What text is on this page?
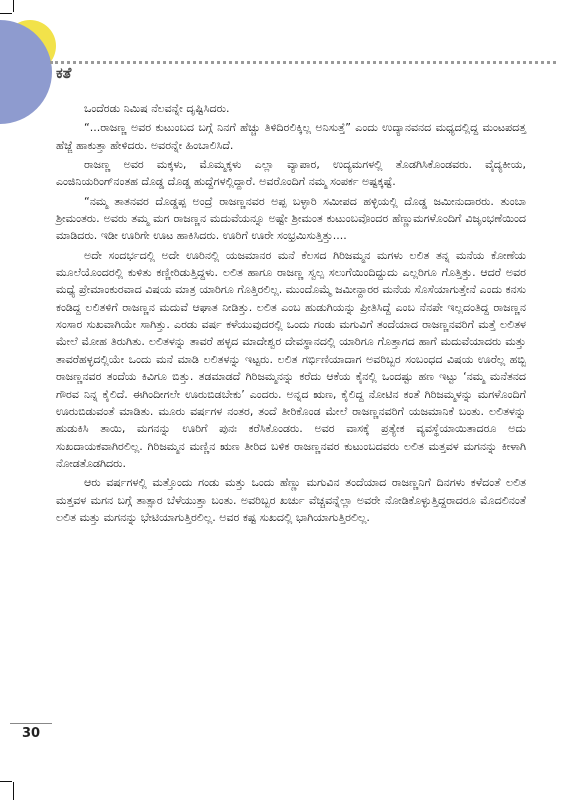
ಕತೆ

ಒಂದೆರಡು ನಿಮಿಷ ನೆಲವನ್ನೇ ದೃಷ್ಟಿಸಿದರು.

“...ರಾಜಣ್ಣ ಅವರ ಕುಟುಂಬದ ಬಗ್ಗೆ ನಿನಗೆ ಹೆಚ್ಚು ತಿಳಿದಿರಲಿಕ್ಕಿಲ್ಲ ಅನಿಸುತ್ತೆ” ಎಂದು ಉದ್ಯಾನವನದ ಮಧ್ಯದಲ್ಲಿದ್ದ ಮಂಟಪದತ್ತ ಹೆಜ್ಜೆ ಹಾಕುತ್ತಾ ಹೇಳಿದರು. ಅವರನ್ನೇ ಹಿಂಬಾಲಿಸಿದೆ.

ರಾಜಣ್ಣ ಅವರ ಮಕ್ಕಳು, ಮೊಮ್ಮಕ್ಕಳು ಎಲ್ಲಾ ವ್ಯಾಪಾರ, ಉದ್ಯಮಗಳಲ್ಲಿ ತೊಡಗಿಸಿಕೊಂಡವರು. ವೈದ್ಯಕೀಯ, ಎಂಜಿನಿಯರಿಂಗ್‌ನಂತಹ ದೊಡ್ಡ ದೊಡ್ಡ ಹುದ್ದೆಗಳಲ್ಲಿದ್ದಾರೆ. ಅವರೊಂದಿಗೆ ನಮ್ಮ ಸಂಪರ್ಕ ಅಷ್ಟಕ್ಕಷ್ಟೆ.

“ನಮ್ಮ ತಾತನವರ ದೊಡ್ಡಪ್ಪ ಅಂದ್ರೆ ರಾಜಣ್ಣನವರ ಅಪ್ಪ ಬಳ್ಳಾರಿ ಸಮೀಪದ ಹಳ್ಳಿಯಲ್ಲಿ ದೊಡ್ಡ ಜಮೀನುದಾರರು. ತುಂಬಾ ಶ್ರೀಮಂತರು. ಅವರು ತಮ್ಮ ಮಗ ರಾಜಣ್ಣನ ಮದುವೆಯನ್ನೂ ಅಷ್ಟೇ ಶ್ರೀಮಂತ ಕುಟುಂಬವೊಂದರ ಹೆಣ್ಣುಮಗಳೊಂದಿಗೆ ವಿಜೃಂಭಣೆಯಿಂದ ಮಾಡಿದರು. ಇಡೀ ಊರಿಗೇ ಊಟ ಹಾಕಿಸಿದರು. ಊರಿಗೆ ಊರೇ ಸಂಭ್ರಮಿಸುತ್ತಿತ್ತು....

ಅದೇ ಸಂದರ್ಭದಲ್ಲಿ ಅದೇ ಊರಿನಲ್ಲಿ ಯಜಮಾನರ ಮನೆ ಕೆಲಸದ ಗಿರಿಜಮ್ಮನ ಮಗಳು ಲಲಿತ ತನ್ನ ಮನೆಯ ಕೋಣೆಯ ಮೂಲೆಯೊಂದರಲ್ಲಿ ಕುಳಿತು ಕಣ್ಣೀರಿಡುತ್ತಿದ್ದಳು. ಲಲಿತ ಹಾಗೂ ರಾಜಣ್ಣ ಸ್ವಲ್ಪ ಸಲುಗೆಯಿಂದಿದ್ದುದು ಎಲ್ಲರಿಗೂ ಗೊತ್ತಿತ್ತು. ಆದರೆ ಅವರ ಮಧ್ಯೆ ಪ್ರೇಮಾಂಕುರವಾದ ವಿಷಯ ಮಾತ್ರ ಯಾರಿಗೂ ಗೊತ್ತಿರಲಿಲ್ಲ. ಮುಂದೊಮ್ಮೆ ಜಮೀನ್ದಾರರ ಮನೆಯ ಸೊಸೆಯಾಗುತ್ತೇನೆ ಎಂದು ಕನಸು ಕಂಡಿದ್ದ ಲಲಿತಳಿಗೆ ರಾಜಣ್ಣನ ಮದುವೆ ಆಘಾತ ನೀಡಿತ್ತು. ಲಲಿತ ಎಂಬ ಹುಡುಗಿಯನ್ನು ಪ್ರೀತಿಸಿದ್ದೆ ಎಂಬ ನೆನಪೇ ಇಲ್ಲದಂತಿದ್ದ ರಾಜಣ್ಣನ ಸಂಸಾರ ಸುಖವಾಗಿಯೇ ಸಾಗಿತ್ತು. ಎರಡು ವರ್ಷ ಕಳೆಯುವುದರಲ್ಲಿ ಒಂದು ಗಂಡು ಮಗುವಿಗೆ ತಂದೆಯಾದ ರಾಜಣ್ಣನವರಿಗೆ ಮತ್ತೆ ಲಲಿತಳ ಮೇಲೆ ಮೋಹ ತಿರುಗಿತು. ಲಲಿತಳನ್ನು ತಾವರೆ ಹಳ್ಳದ ಮಾದೇಶ್ವರ ದೇವಸ್ಥಾನದಲ್ಲಿ ಯಾರಿಗೂ ಗೊತ್ತಾಗದ ಹಾಗೆ ಮದುವೆಯಾದರು ಮತ್ತು ತಾವರೆಹಳ್ಳದಲ್ಲಿಯೇ ಒಂದು ಮನೆ ಮಾಡಿ ಲಲಿತಳನ್ನು ಇಟ್ಟರು. ಲಲಿತ ಗರ್ಭಿಣಿಯಾದಾಗ ಅವರಿಬ್ಬರ ಸಂಬಂಧದ ವಿಷಯ ಊರೆಲ್ಲ ಹಬ್ಬಿ ರಾಜಣ್ಣನವರ ತಂದೆಯ ಕಿವಿಗೂ ಬಿತ್ತು. ತಡಮಾಡದೆ ಗಿರಿಜಮ್ಮನನ್ನು ಕರೆದು ಆಕೆಯ ಕೈನಲ್ಲಿ ಒಂದಷ್ಟು ಹಣ ಇಟ್ಟು ‘ನಮ್ಮ ಮನೆತನದ ಗೌರವ ನಿನ್ನ ಕೈಲಿದೆ. ಈಗಿಂದೀಗಲೇ ಊರುಬಿಡಬೇಕು’ ಎಂದರು. ಅನ್ನದ ಋಣ, ಕೈಲಿದ್ದ ನೋಟಿನ ಕಂತೆ ಗಿರಿಜಮ್ಮಳನ್ನು ಮಗಳೊಂದಿಗೆ ಊರುಬಿಡುವಂತೆ ಮಾಡಿತು. ಮೂರು ವರ್ಷಗಳ ನಂತರ, ತಂದೆ ತೀರಿಕೊಂಡ ಮೇಲೆ ರಾಜಣ್ಣನವರಿಗೆ ಯಜಮಾನಿಕೆ ಬಂತು. ಲಲಿತಳನ್ನು ಹುಡುಕಿಸಿ ತಾಯಿ, ಮಗನನ್ನು ಊರಿಗೆ ಪುನಃ ಕರೆಸಿಕೊಂಡರು. ಅವರ ವಾಸಕ್ಕೆ ಪ್ರತ್ಯೇಕ ವ್ಯವಸ್ಥೆಯಾಯಿತಾದರೂ ಅದು ಸುಖದಾಯಕವಾಗಿರಲಿಲ್ಲ. ಗಿರಿಜಮ್ಮನ ಮಣ್ಣಿನ ಋಣ ತೀರಿದ ಬಳಿಕ ರಾಜಣ್ಣನವರ ಕುಟುಂಬದವರು ಲಲಿತ ಮತ್ತವಳ ಮಗನನ್ನು ಕೀಳಾಗಿ ನೋಡತೊಡಗಿದರು.

ಆರು ವರ್ಷಗಳಲ್ಲಿ ಮತ್ತೊಂದು ಗಂಡು ಮತ್ತು ಒಂದು ಹೆಣ್ಣು ಮಗುವಿನ ತಂದೆಯಾದ ರಾಜಣ್ಣನಿಗೆ ದಿನಗಳು ಕಳೆದಂತೆ ಲಲಿತ ಮತ್ತವಳ ಮಗನ ಬಗ್ಗೆ ತಾತ್ಸಾರ ಬೆಳೆಯುತ್ತಾ ಬಂತು. ಅವರಿಬ್ಬರ ಖರ್ಚು ವೆಚ್ಚವನ್ನೆಲ್ಲಾ ಅವರೇ ನೋಡಿಕೊಳ್ಳುತ್ತಿದ್ದರಾದರೂ ಮೊದಲಿನಂತೆ ಲಲಿತ ಮತ್ತು ಮಗನನ್ನು ಭೇಟಿಯಾಗುತ್ತಿರಲಿಲ್ಲ. ಅವರ ಕಷ್ಟ ಸುಖದಲ್ಲಿ ಭಾಗಿಯಾಗುತ್ತಿರಲಿಲ್ಲ.

30
